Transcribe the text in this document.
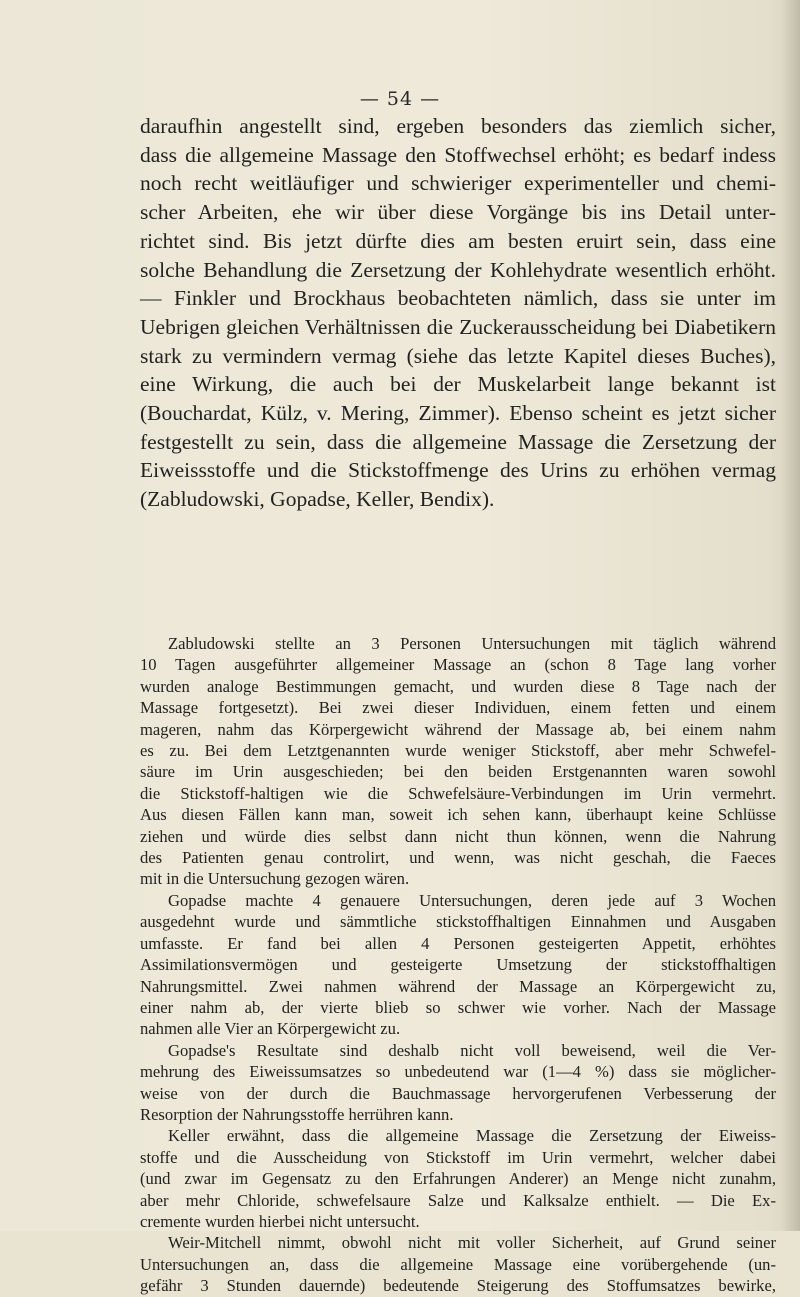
— 54 —
daraufhin angestellt sind, ergeben besonders das ziemlich sicher,
dass die allgemeine Massage den Stoffwechsel erhöht; es bedarf indess
noch recht weitläufiger und schwieriger experimenteller und chemi-
scher Arbeiten, ehe wir über diese Vorgänge bis ins Detail unter-
richtet sind. Bis jetzt dürfte dies am besten eruirt sein, dass eine
solche Behandlung die Zersetzung der Kohlehydrate wesentlich erhöht.
— Finkler und Brockhaus beobachteten nämlich, dass sie unter im
Uebrigen gleichen Verhältnissen die Zuckerausscheidung bei Diabetikern
stark zu vermindern vermag (siehe das letzte Kapitel dieses Buches),
eine Wirkung, die auch bei der Muskelarbeit lange bekannt ist
(Bouchardat, Külz, v. Mering, Zimmer). Ebenso scheint es jetzt sicher
festgestellt zu sein, dass die allgemeine Massage die Zersetzung der
Eiweissstoffe und die Stickstoffmenge des Urins zu erhöhen vermag
(Zabludowski, Gopadse, Keller, Bendix).
Zabludowski stellte an 3 Personen Untersuchungen mit täglich während
10 Tagen ausgeführter allgemeiner Massage an (schon 8 Tage lang vorher
wurden analoge Bestimmungen gemacht, und wurden diese 8 Tage nach der
Massage fortgesetzt). Bei zwei dieser Individuen, einem fetten und einem
mageren, nahm das Körpergewicht während der Massage ab, bei einem nahm
es zu. Bei dem Letztgenannten wurde weniger Stickstoff, aber mehr Schwefel-
säure im Urin ausgeschieden; bei den beiden Erstgenannten waren sowohl
die Stickstoff-haltigen wie die Schwefelsäure-Verbindungen im Urin vermehrt.
Aus diesen Fällen kann man, soweit ich sehen kann, überhaupt keine Schlüsse
ziehen und würde dies selbst dann nicht thun können, wenn die Nahrung
des Patienten genau controlirt, und wenn, was nicht geschah, die Faeces
mit in die Untersuchung gezogen wären.
Gopadse machte 4 genauere Untersuchungen, deren jede auf 3 Wochen
ausgedehnt wurde und sämmtliche stickstoffhaltigen Einnahmen und Ausgaben
umfasste. Er fand bei allen 4 Personen gesteigerten Appetit, erhöhtes
Assimilationsvermögen und gesteigerte Umsetzung der stickstoffhaltigen
Nahrungsmittel. Zwei nahmen während der Massage an Körpergewicht zu,
einer nahm ab, der vierte blieb so schwer wie vorher. Nach der Massage
nahmen alle Vier an Körpergewicht zu.
Gopadse's Resultate sind deshalb nicht voll beweisend, weil die Ver-
mehrung des Eiweissumsatzes so unbedeutend war (1—4 %) dass sie möglicher-
weise von der durch die Bauchmassage hervorgerufenen Verbesserung der
Resorption der Nahrungsstoffe herrühren kann.
Keller erwähnt, dass die allgemeine Massage die Zersetzung der Eiweiss-
stoffe und die Ausscheidung von Stickstoff im Urin vermehrt, welcher dabei
(und zwar im Gegensatz zu den Erfahrungen Anderer) an Menge nicht zunahm,
aber mehr Chloride, schwefelsaure Salze und Kalksalze enthielt. — Die Ex-
cremente wurden hierbei nicht untersucht.
Weir-Mitchell nimmt, obwohl nicht mit voller Sicherheit, auf Grund seiner
Untersuchungen an, dass die allgemeine Massage eine vorübergehende (un-
gefähr 3 Stunden dauernde) bedeutende Steigerung des Stoffumsatzes bewirke,
